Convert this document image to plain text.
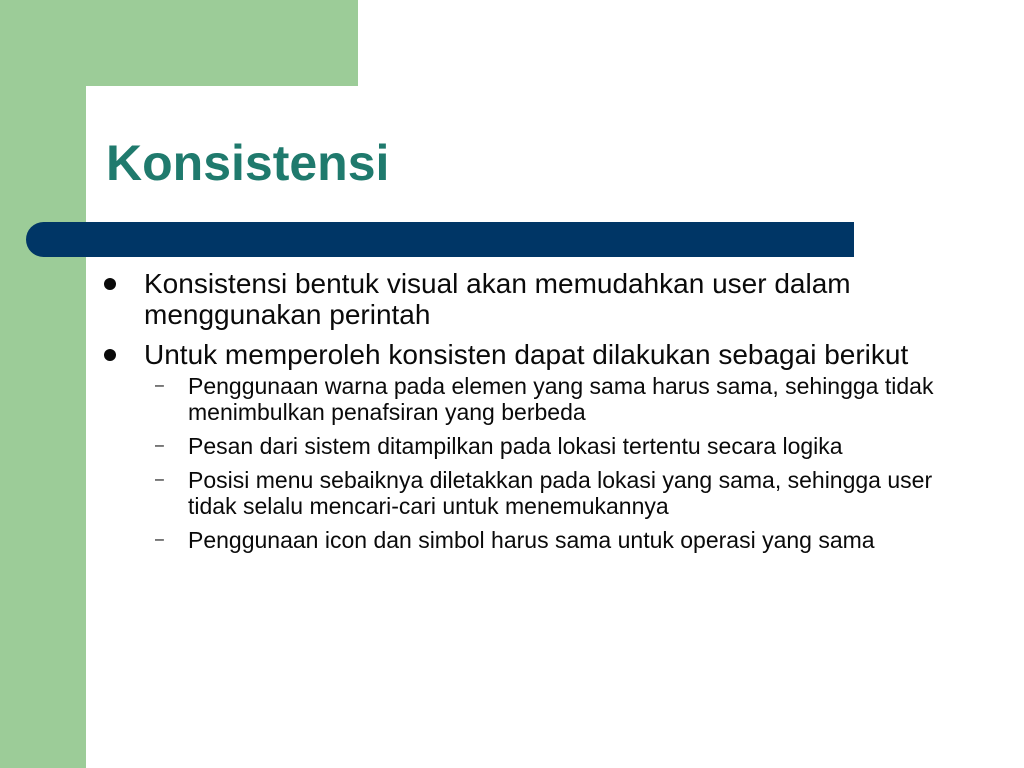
Konsistensi
Konsistensi bentuk visual akan memudahkan user dalam menggunakan perintah
Untuk memperoleh konsisten dapat dilakukan sebagai berikut
– Penggunaan warna pada elemen yang sama harus sama, sehingga tidak menimbulkan penafsiran yang berbeda
– Pesan dari sistem ditampilkan pada lokasi tertentu secara logika
– Posisi menu sebaiknya diletakkan pada lokasi yang sama, sehingga user tidak selalu mencari-cari untuk menemukannya
– Penggunaan icon dan simbol harus sama untuk operasi yang sama
